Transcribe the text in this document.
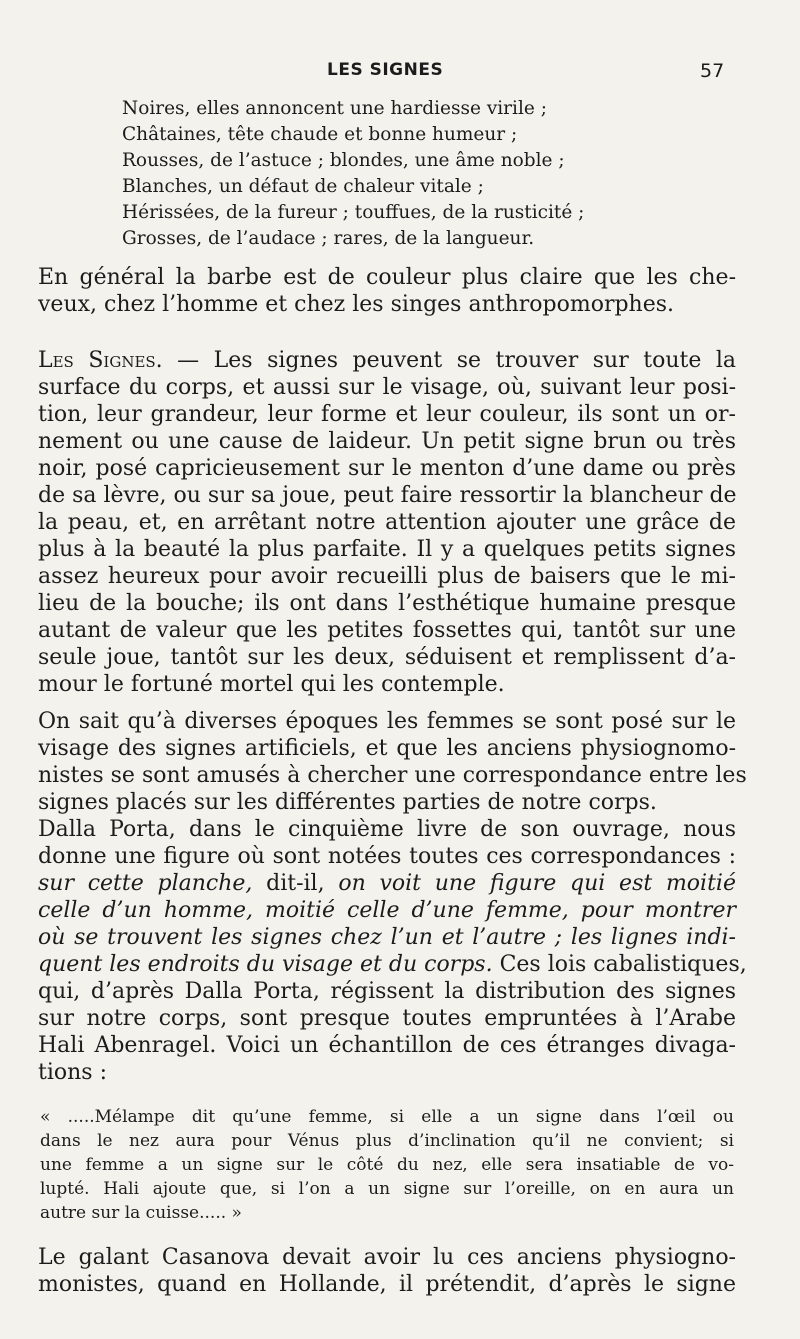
LES SIGNES	57
Noires, elles annoncent une hardiesse virile ;
Châtaines, tête chaude et bonne humeur ;
Rousses, de l’astuce ; blondes, une âme noble ;
Blanches, un défaut de chaleur vitale ;
Hérissées, de la fureur ; touffues, de la rusticité ;
Grosses, de l’audace ; rares, de la langueur.
En général la barbe est de couleur plus claire que les che-
veux, chez l’homme et chez les singes anthropomorphes.
Les Signes. — Les signes peuvent se trouver sur toute la
surface du corps, et aussi sur le visage, où, suivant leur posi-
tion, leur grandeur, leur forme et leur couleur, ils sont un or-
nement ou une cause de laideur. Un petit signe brun ou très
noir, posé capricieusement sur le menton d’une dame ou près
de sa lèvre, ou sur sa joue, peut faire ressortir la blancheur de
la peau, et, en arrêtant notre attention ajouter une grâce de
plus à la beauté la plus parfaite. Il y a quelques petits signes
assez heureux pour avoir recueilli plus de baisers que le mi-
lieu de la bouche; ils ont dans l’esthétique humaine presque
autant de valeur que les petites fossettes qui, tantôt sur une
seule joue, tantôt sur les deux, séduisent et remplissent d’a-
mour le fortuné mortel qui les contemple.
On sait qu’à diverses époques les femmes se sont posé sur le
visage des signes artificiels, et que les anciens physiognomo-
nistes se sont amusés à chercher une correspondance entre les
signes placés sur les différentes parties de notre corps.
Dalla Porta, dans le cinquième livre de son ouvrage, nous
donne une figure où sont notées toutes ces correspondances :
sur cette planche, dit-il, on voit une figure qui est moitié
celle d’un homme, moitié celle d’une femme, pour montrer
où se trouvent les signes chez l’un et l’autre ; les lignes indi-
quent les endroits du visage et du corps. Ces lois cabalistiques,
qui, d’après Dalla Porta, régissent la distribution des signes
sur notre corps, sont presque toutes empruntées à l’Arabe
Hali Abenragel. Voici un échantillon de ces étranges divaga-
tions :
« .....Mélampe dit qu’une femme, si elle a un signe dans l’œil ou
dans le nez aura pour Vénus plus d’inclination qu’il ne convient; si
une femme a un signe sur le côté du nez, elle sera insatiable de vo-
lupté. Hali ajoute que, si l’on a un signe sur l’oreille, on en aura un
autre sur la cuisse..... »
Le galant Casanova devait avoir lu ces anciens physiogno-
monistes, quand en Hollande, il prétendit, d’après le signe
